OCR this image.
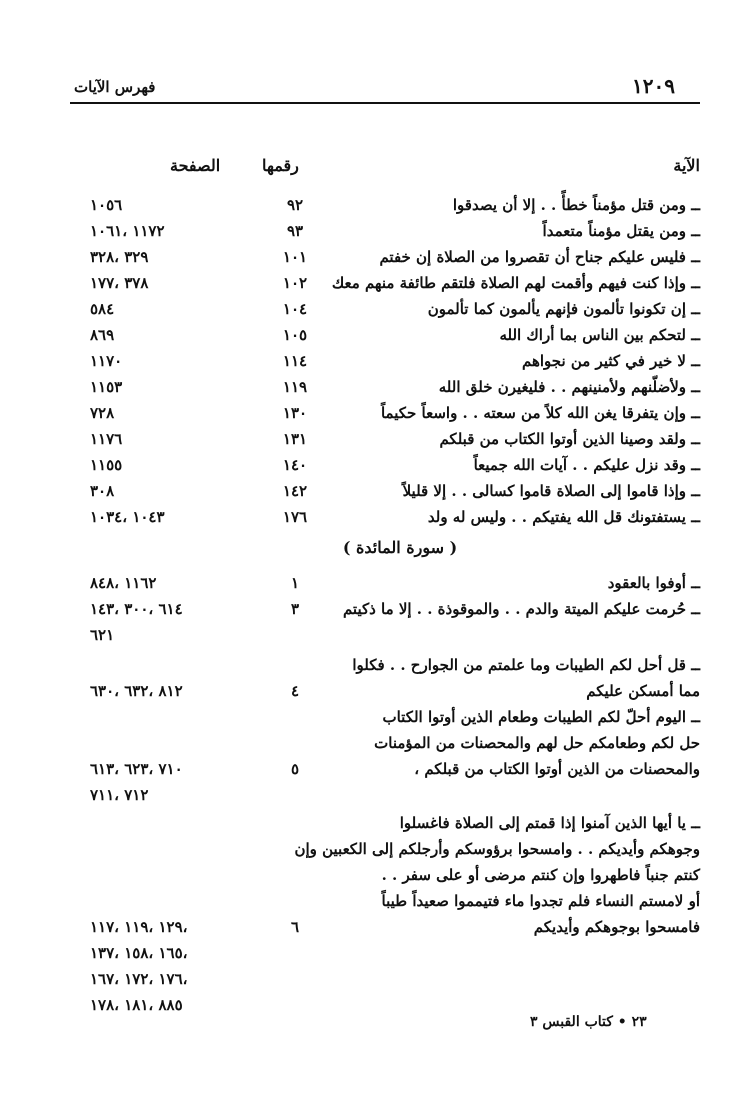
١٢٠٩
فهرس الآيات
الآية
رقمها
الصفحة
( سورة المائدة )
ــ ومن قتل مؤمناً خطأً . . إلا أن يصدقوا
٩٢
١٠٥٦
ــ ومن يقتل مؤمناً متعمداً
٩٣
١١٧٢ ،١٠٦١
ــ فليس عليكم جناح أن تقصروا من الصلاة إن خفتم
١٠١
٣٢٩ ،٣٢٨
ــ وإذا كنت فيهم وأقمت لهم الصلاة فلتقم طائفة منهم معك
١٠٢
٣٧٨ ،١٧٧
ــ إن تكونوا تألمون فإنهم يألمون كما تألمون
١٠٤
٥٨٤
ــ لتحكم بين الناس بما أراك الله
١٠٥
٨٦٩
ــ لا خير في كثير من نجواهم
١١٤
١١٧٠
ــ ولأضلّنهم ولأمنينهم . . فليغيرن خلق الله
١١٩
١١٥٣
ــ وإن يتفرقا يغن الله كلاً من سعته . . واسعاً حكيماً
١٣٠
٧٢٨
ــ ولقد وصينا الذين أوتوا الكتاب من قبلكم
١٣١
١١٧٦
ــ وقد نزل عليكم . . آيات الله جميعاً
١٤٠
١١٥٥
ــ وإذا قاموا إلى الصلاة قاموا كسالى . . إلا قليلاً
١٤٢
٣٠٨
ــ يستفتونك قل الله يفتيكم . . وليس له ولد
١٧٦
١٠٤٣ ،١٠٣٤
ــ أوفوا بالعقود
١
١١٦٢ ،٨٤٨
ــ حُرمت عليكم الميتة والدم . . والموقوذة . . إلا ما ذكيتم
٣
٦١٤ ،٣٠٠ ،١٤٣
٦٢١
ــ قل أحل لكم الطيبات وما علمتم من الجوارح . . فكلوا
مما أمسكن عليكم
٤
٨١٢ ،٦٣٢ ،٦٣٠
ــ اليوم أحلّ لكم الطيبات وطعام الذين أوتوا الكتاب
حل لكم وطعامكم حل لهم والمحصنات من المؤمنات
والمحصنات من الذين أوتوا الكتاب من قبلكم ،
٥
٧١٠ ،٦٢٣ ،٦١٣
٧١٢ ،٧١١
ــ يا أيها الذين آمنوا إذا قمتم إلى الصلاة فاغسلوا
وجوهكم وأيديكم . . وامسحوا برؤوسكم وأرجلكم إلى الكعبين وإن
كنتم جنباً فاطهروا وإن كنتم مرضى أو على سفر . .
أو لامستم النساء فلم تجدوا ماء فتيمموا صعيداً طيباً
فامسحوا بوجوهكم وأيديكم
٦
،١٢٩ ،١١٩ ،١١٧
،١٦٥ ،١٥٨ ،١٣٧
،١٧٦ ،١٧٢ ،١٦٧
٨٨٥ ،١٨١ ،١٧٨
٢٣ • كتاب القبس ٣
